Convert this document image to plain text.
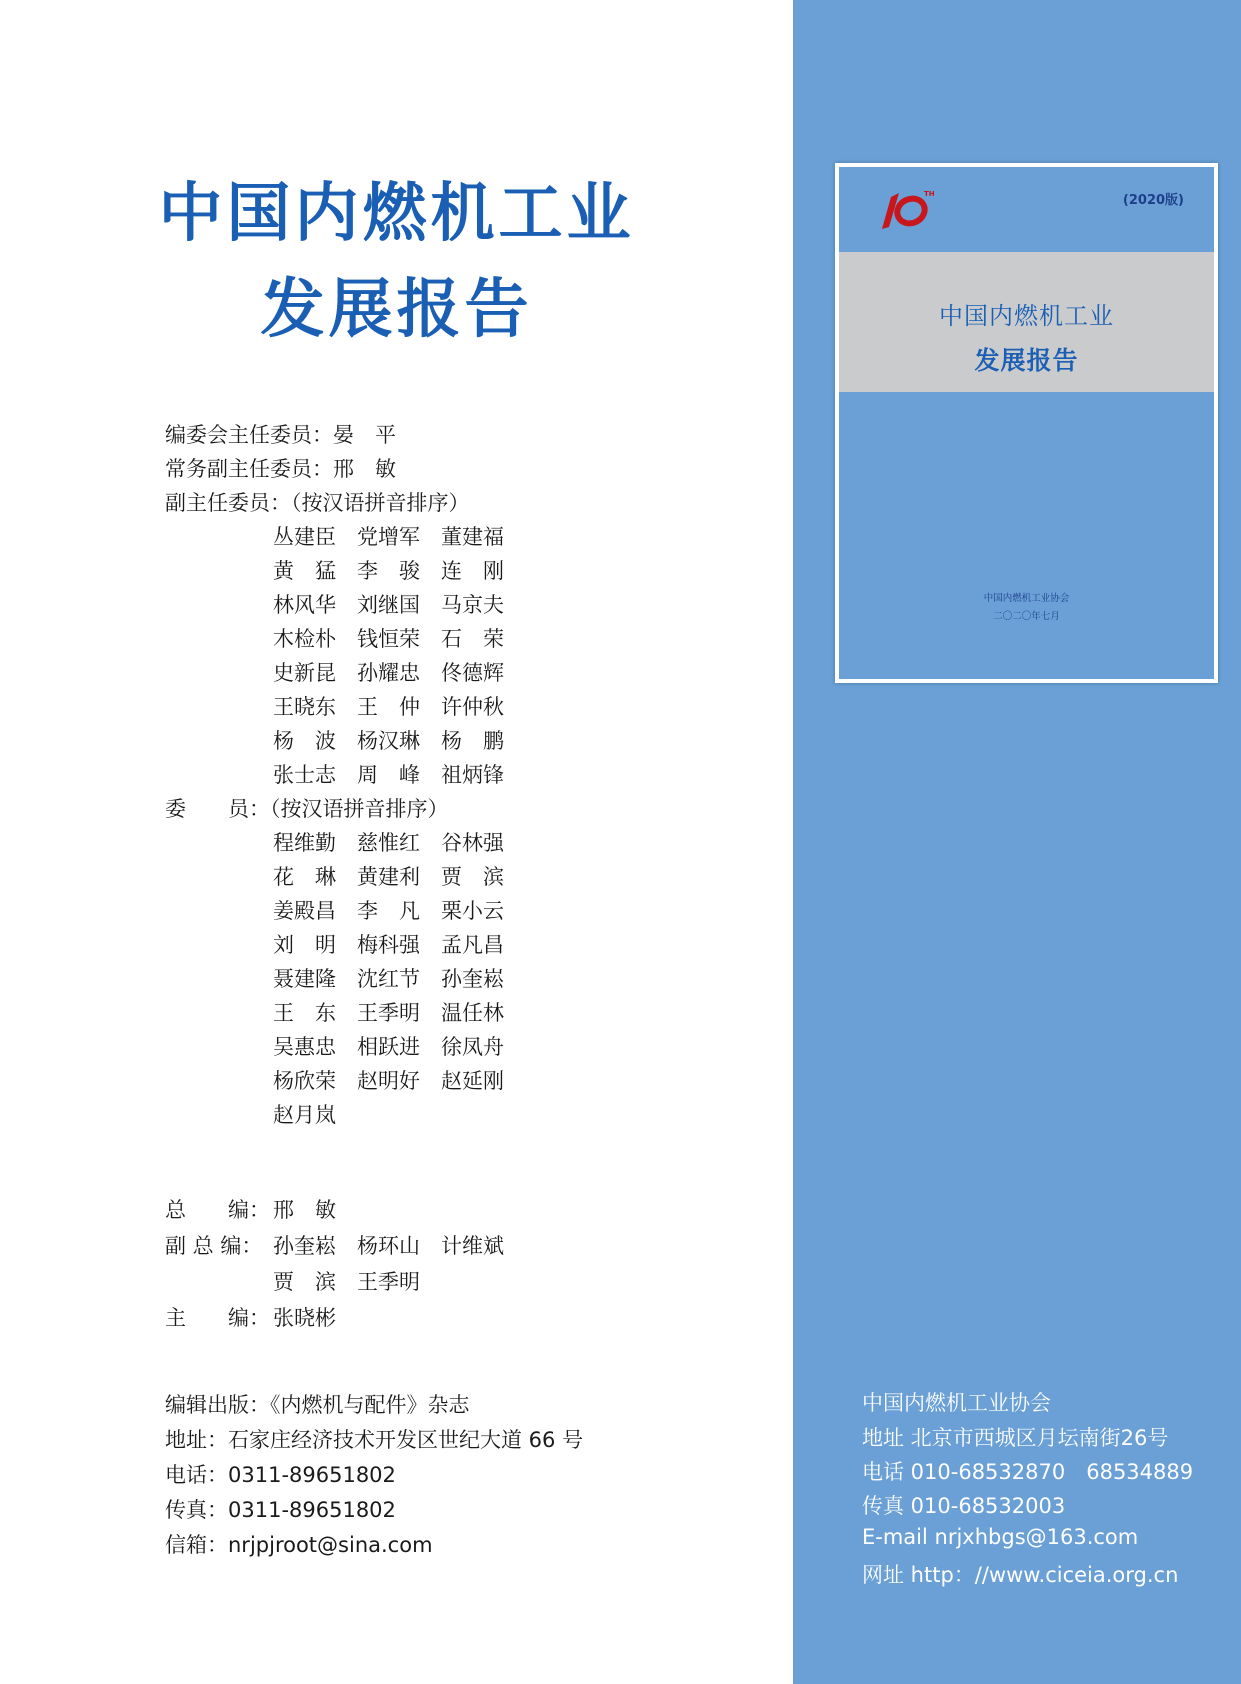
中国内燃机工业
发展报告
编委会主任委员：晏　平
常务副主任委员：邢　敏
副主任委员：（按汉语拼音排序）
丛建臣 党增军 董建福
黄　猛 李　骏 连　刚
林风华 刘继国 马京夫
木检朴 钱恒荣 石　荣
史新昆 孙耀忠 佟德辉
王晓东 王　仲 许仲秋
杨　波 杨汉琳 杨　鹏
张士志 周　峰 祖炳锋
委　　员：（按汉语拼音排序）
程维勤 慈惟红 谷林强
花　琳 黄建利 贾　滨
姜殿昌 李　凡 栗小云
刘　明 梅科强 孟凡昌
聂建隆 沈红节 孙奎崧
王　东 王季明 温任林
吴惠忠 相跃进 徐凤舟
杨欣荣 赵明好 赵延刚
赵月岚
总　　编： 邢　敏
副 总 编： 孙奎崧 杨环山 计维斌
贾　滨 王季明
主　　编： 张晓彬
编辑出版：《内燃机与配件》杂志
地址：石家庄经济技术开发区世纪大道 66 号
电话：0311-89651802
传真：0311-89651802
信箱：nrjpjroot@sina.com
TH	(2020版)
中国内燃机工业
发展报告
中国内燃机工业协会
二〇二〇年七月
中国内燃机工业协会
地址 北京市西城区月坛南街26号
电话 010-68532870　68534889
传真 010-68532003
E-mail nrjxhbgs@163.com
网址 http：//www.ciceia.org.cn
